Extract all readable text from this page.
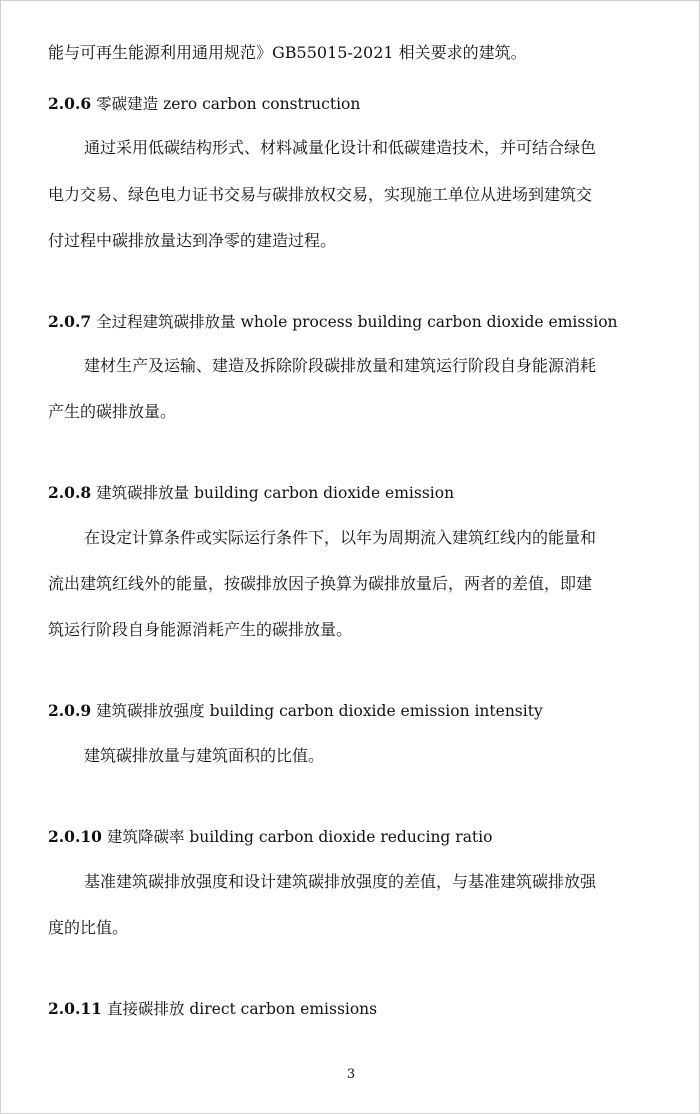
能与可再生能源利用通用规范》GB55015-2021 相关要求的建筑。
2.0.6 零碳建造 zero carbon construction
通过采用低碳结构形式、材料减量化设计和低碳建造技术，并可结合绿色
电力交易、绿色电力证书交易与碳排放权交易，实现施工单位从进场到建筑交
付过程中碳排放量达到净零的建造过程。
2.0.7 全过程建筑碳排放量 whole process building carbon dioxide emission
建材生产及运输、建造及拆除阶段碳排放量和建筑运行阶段自身能源消耗
产生的碳排放量。
2.0.8 建筑碳排放量 building carbon dioxide emission
在设定计算条件或实际运行条件下，以年为周期流入建筑红线内的能量和
流出建筑红线外的能量，按碳排放因子换算为碳排放量后，两者的差值，即建
筑运行阶段自身能源消耗产生的碳排放量。
2.0.9 建筑碳排放强度 building carbon dioxide emission intensity
建筑碳排放量与建筑面积的比值。
2.0.10 建筑降碳率 building carbon dioxide reducing ratio
基准建筑碳排放强度和设计建筑碳排放强度的差值，与基准建筑碳排放强
度的比值。
2.0.11 直接碳排放 direct carbon emissions
3
